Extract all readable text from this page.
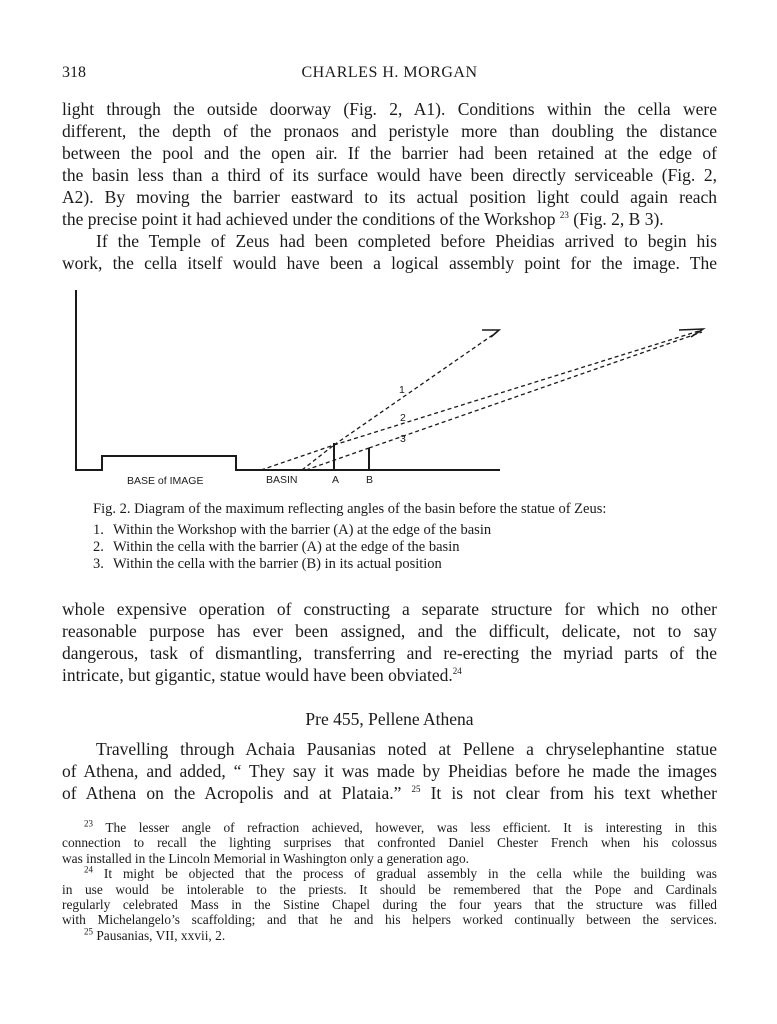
318	CHARLES H. MORGAN

light through the outside doorway (Fig. 2, A1). Conditions within the cella were

different, the depth of the pronaos and peristyle more than doubling the distance

between the pool and the open air. If the barrier had been retained at the edge of

the basin less than a third of its surface would have been directly serviceable (Fig. 2,

A2). By moving the barrier eastward to its actual position light could again reach

the precise point it had achieved under the conditions of the Workshop $^{23}$ (Fig. 2, B 3).

If the Temple of Zeus had been completed before Pheidias arrived to begin his

work, the cella itself would have been a logical assembly point for the image. The

BASE of IMAGE	BASIN	A	B
1
2
3

Fig. 2. Diagram of the maximum reflecting angles of the basin before the statue of Zeus:

1. Within the Workshop with the barrier (A) at the edge of the basin
2. Within the cella with the barrier (A) at the edge of the basin
3. Within the cella with the barrier (B) in its actual position

whole expensive operation of constructing a separate structure for which no other

reasonable purpose has ever been assigned, and the difficult, delicate, not to say

dangerous, task of dismantling, transferring and re-erecting the myriad parts of the

intricate, but gigantic, statue would have been obviated.$^{24}$

Pre 455, Pellene Athena

Travelling through Achaia Pausanias noted at Pellene a chryselephantine statue

of Athena, and added, “ They say it was made by Pheidias before he made the images

of Athena on the Acropolis and at Plataia.” $^{25}$ It is not clear from his text whether

$^{23}$ The lesser angle of refraction achieved, however, was less efficient. It is interesting in this

connection to recall the lighting surprises that confronted Daniel Chester French when his colossus

was installed in the Lincoln Memorial in Washington only a generation ago.

$^{24}$ It might be objected that the process of gradual assembly in the cella while the building was

in use would be intolerable to the priests. It should be remembered that the Pope and Cardinals

regularly celebrated Mass in the Sistine Chapel during the four years that the structure was filled

with Michelangelo’s scaffolding; and that he and his helpers worked continually between the services.

$^{25}$ Pausanias, VII, xxvii, 2.
